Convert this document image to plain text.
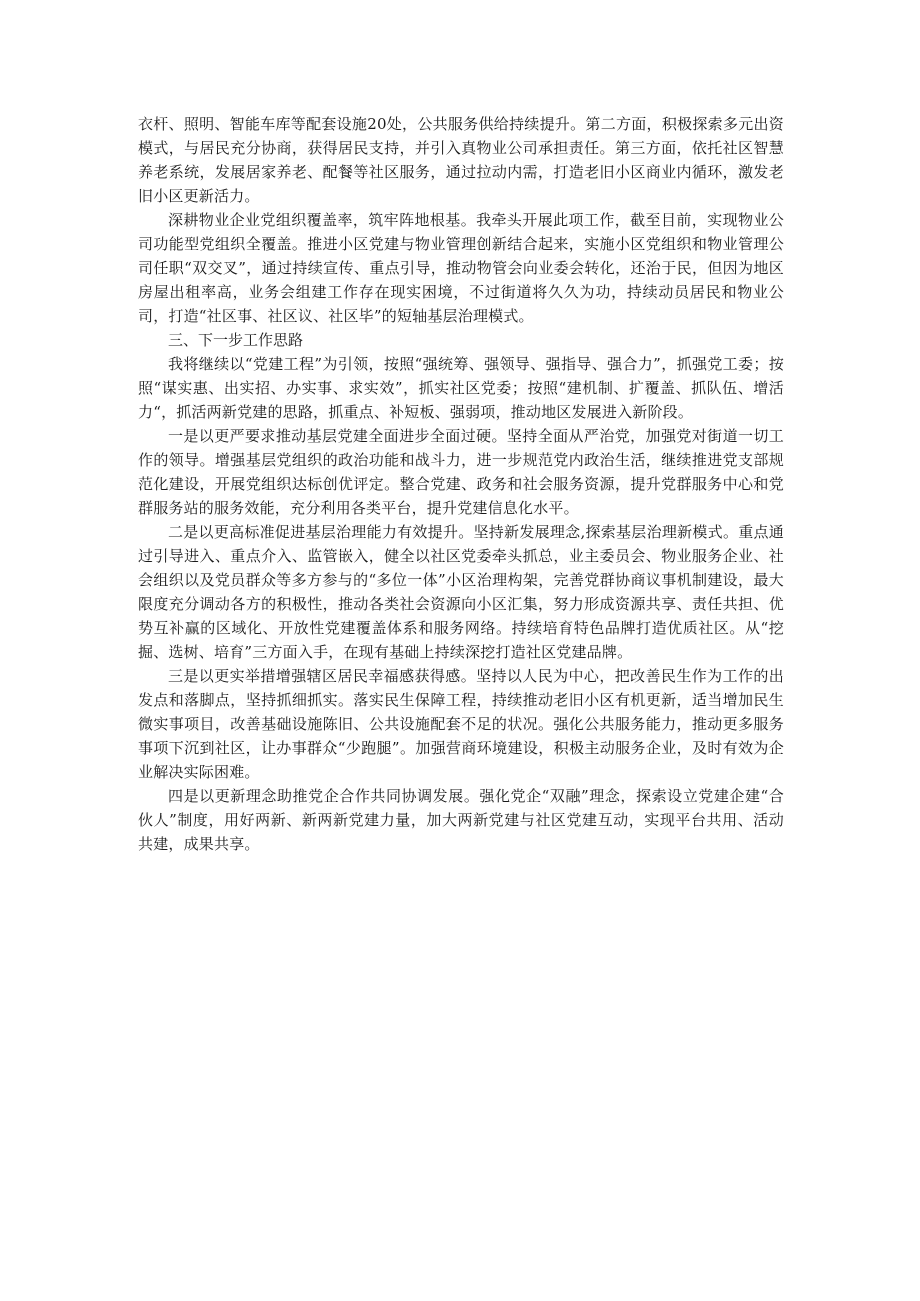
衣杆、照明、智能车库等配套设施20处，公共服务供给持续提升。第二方面，积极探索多元出资模式，与居民充分协商，获得居民支持，并引入真物业公司承担责任。第三方面，依托社区智慧养老系统，发展居家养老、配餐等社区服务，通过拉动内需，打造老旧小区商业内循环，激发老旧小区更新活力。

深耕物业企业党组织覆盖率，筑牢阵地根基。我牵头开展此项工作，截至目前，实现物业公司功能型党组织全覆盖。推进小区党建与物业管理创新结合起来，实施小区党组织和物业管理公司任职“双交叉”，通过持续宣传、重点引导，推动物管会向业委会转化，还治于民，但因为地区房屋出租率高，业务会组建工作存在现实困境，不过街道将久久为功，持续动员居民和物业公司，打造“社区事、社区议、社区毕”的短轴基层治理模式。

三、下一步工作思路

我将继续以“党建工程”为引领，按照“强统筹、强领导、强指导、强合力”，抓强党工委；按照“谋实惠、出实招、办实事、求实效”，抓实社区党委；按照“建机制、扩覆盖、抓队伍、增活力“，抓活两新党建的思路，抓重点、补短板、强弱项，推动地区发展进入新阶段。

一是以更严要求推动基层党建全面进步全面过硬。坚持全面从严治党，加强党对街道一切工作的领导。增强基层党组织的政治功能和战斗力，进一步规范党内政治生活，继续推进党支部规范化建设，开展党组织达标创优评定。整合党建、政务和社会服务资源，提升党群服务中心和党群服务站的服务效能，充分利用各类平台，提升党建信息化水平。

二是以更高标准促进基层治理能力有效提升。坚持新发展理念,探索基层治理新模式。重点通过引导进入、重点介入、监管嵌入，健全以社区党委牵头抓总，业主委员会、物业服务企业、社会组织以及党员群众等多方参与的“多位一体”小区治理构架，完善党群协商议事机制建设，最大限度充分调动各方的积极性，推动各类社会资源向小区汇集，努力形成资源共享、责任共担、优势互补赢的区域化、开放性党建覆盖体系和服务网络。持续培育特色品牌打造优质社区。从“挖掘、选树、培育”三方面入手，在现有基础上持续深挖打造社区党建品牌。

三是以更实举措增强辖区居民幸福感获得感。坚持以人民为中心，把改善民生作为工作的出发点和落脚点，坚持抓细抓实。落实民生保障工程，持续推动老旧小区有机更新，适当增加民生微实事项目，改善基础设施陈旧、公共设施配套不足的状况。强化公共服务能力，推动更多服务事项下沉到社区，让办事群众“少跑腿”。加强营商环境建设，积极主动服务企业，及时有效为企业解决实际困难。

四是以更新理念助推党企合作共同协调发展。强化党企“双融”理念，探索设立党建企建“合伙人”制度，用好两新、新两新党建力量，加大两新党建与社区党建互动，实现平台共用、活动共建，成果共享。
